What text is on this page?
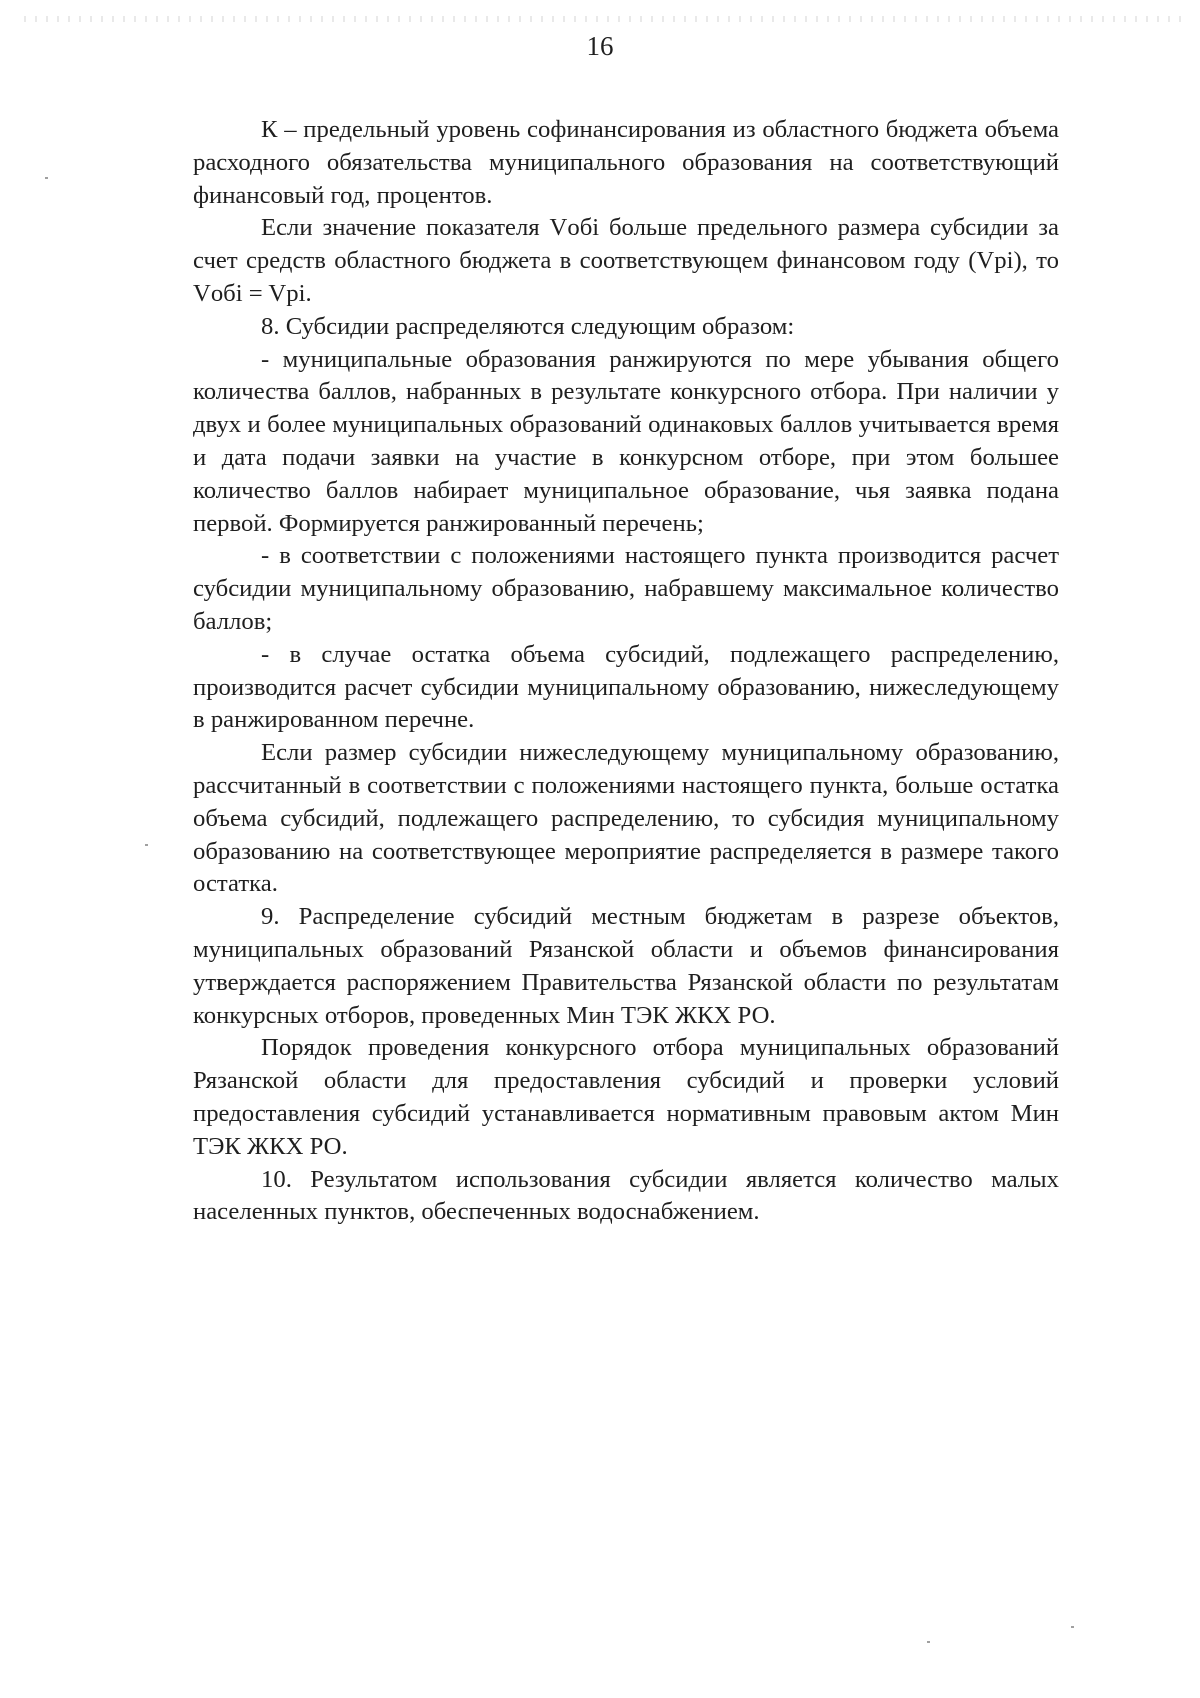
16

К – предельный уровень софинансирования из областного бюджета объема расходного обязательства муниципального образования на соответствующий финансовый год, процентов.

Если значение показателя Vобi больше предельного размера субсидии за счет средств областного бюджета в соответствующем финансовом году (Vpi), то Vобi = Vpi.

8. Субсидии распределяются следующим образом:

- муниципальные образования ранжируются по мере убывания общего количества баллов, набранных в результате конкурсного отбора. При наличии у двух и более муниципальных образований одинаковых баллов учитывается время и дата подачи заявки на участие в конкурсном отборе, при этом большее количество баллов набирает муниципальное образование, чья заявка подана первой. Формируется ранжированный перечень;

- в соответствии с положениями настоящего пункта производится расчет субсидии муниципальному образованию, набравшему максимальное количество баллов;

- в случае остатка объема субсидий, подлежащего распределению, производится расчет субсидии муниципальному образованию, нижеследующему в ранжированном перечне.

Если размер субсидии нижеследующему муниципальному образованию, рассчитанный в соответствии с положениями настоящего пункта, больше остатка объема субсидий, подлежащего распределению, то субсидия муниципальному образованию на соответствующее мероприятие распределяется в размере такого остатка.

9. Распределение субсидий местным бюджетам в разрезе объектов, муниципальных образований Рязанской области и объемов финансирования утверждается распоряжением Правительства Рязанской области по результатам конкурсных отборов, проведенных Мин ТЭК ЖКХ РО.

Порядок проведения конкурсного отбора муниципальных образований Рязанской области для предоставления субсидий и проверки условий предоставления субсидий устанавливается нормативным правовым актом Мин ТЭК ЖКХ РО.

10. Результатом использования субсидии является количество малых населенных пунктов, обеспеченных водоснабжением.
